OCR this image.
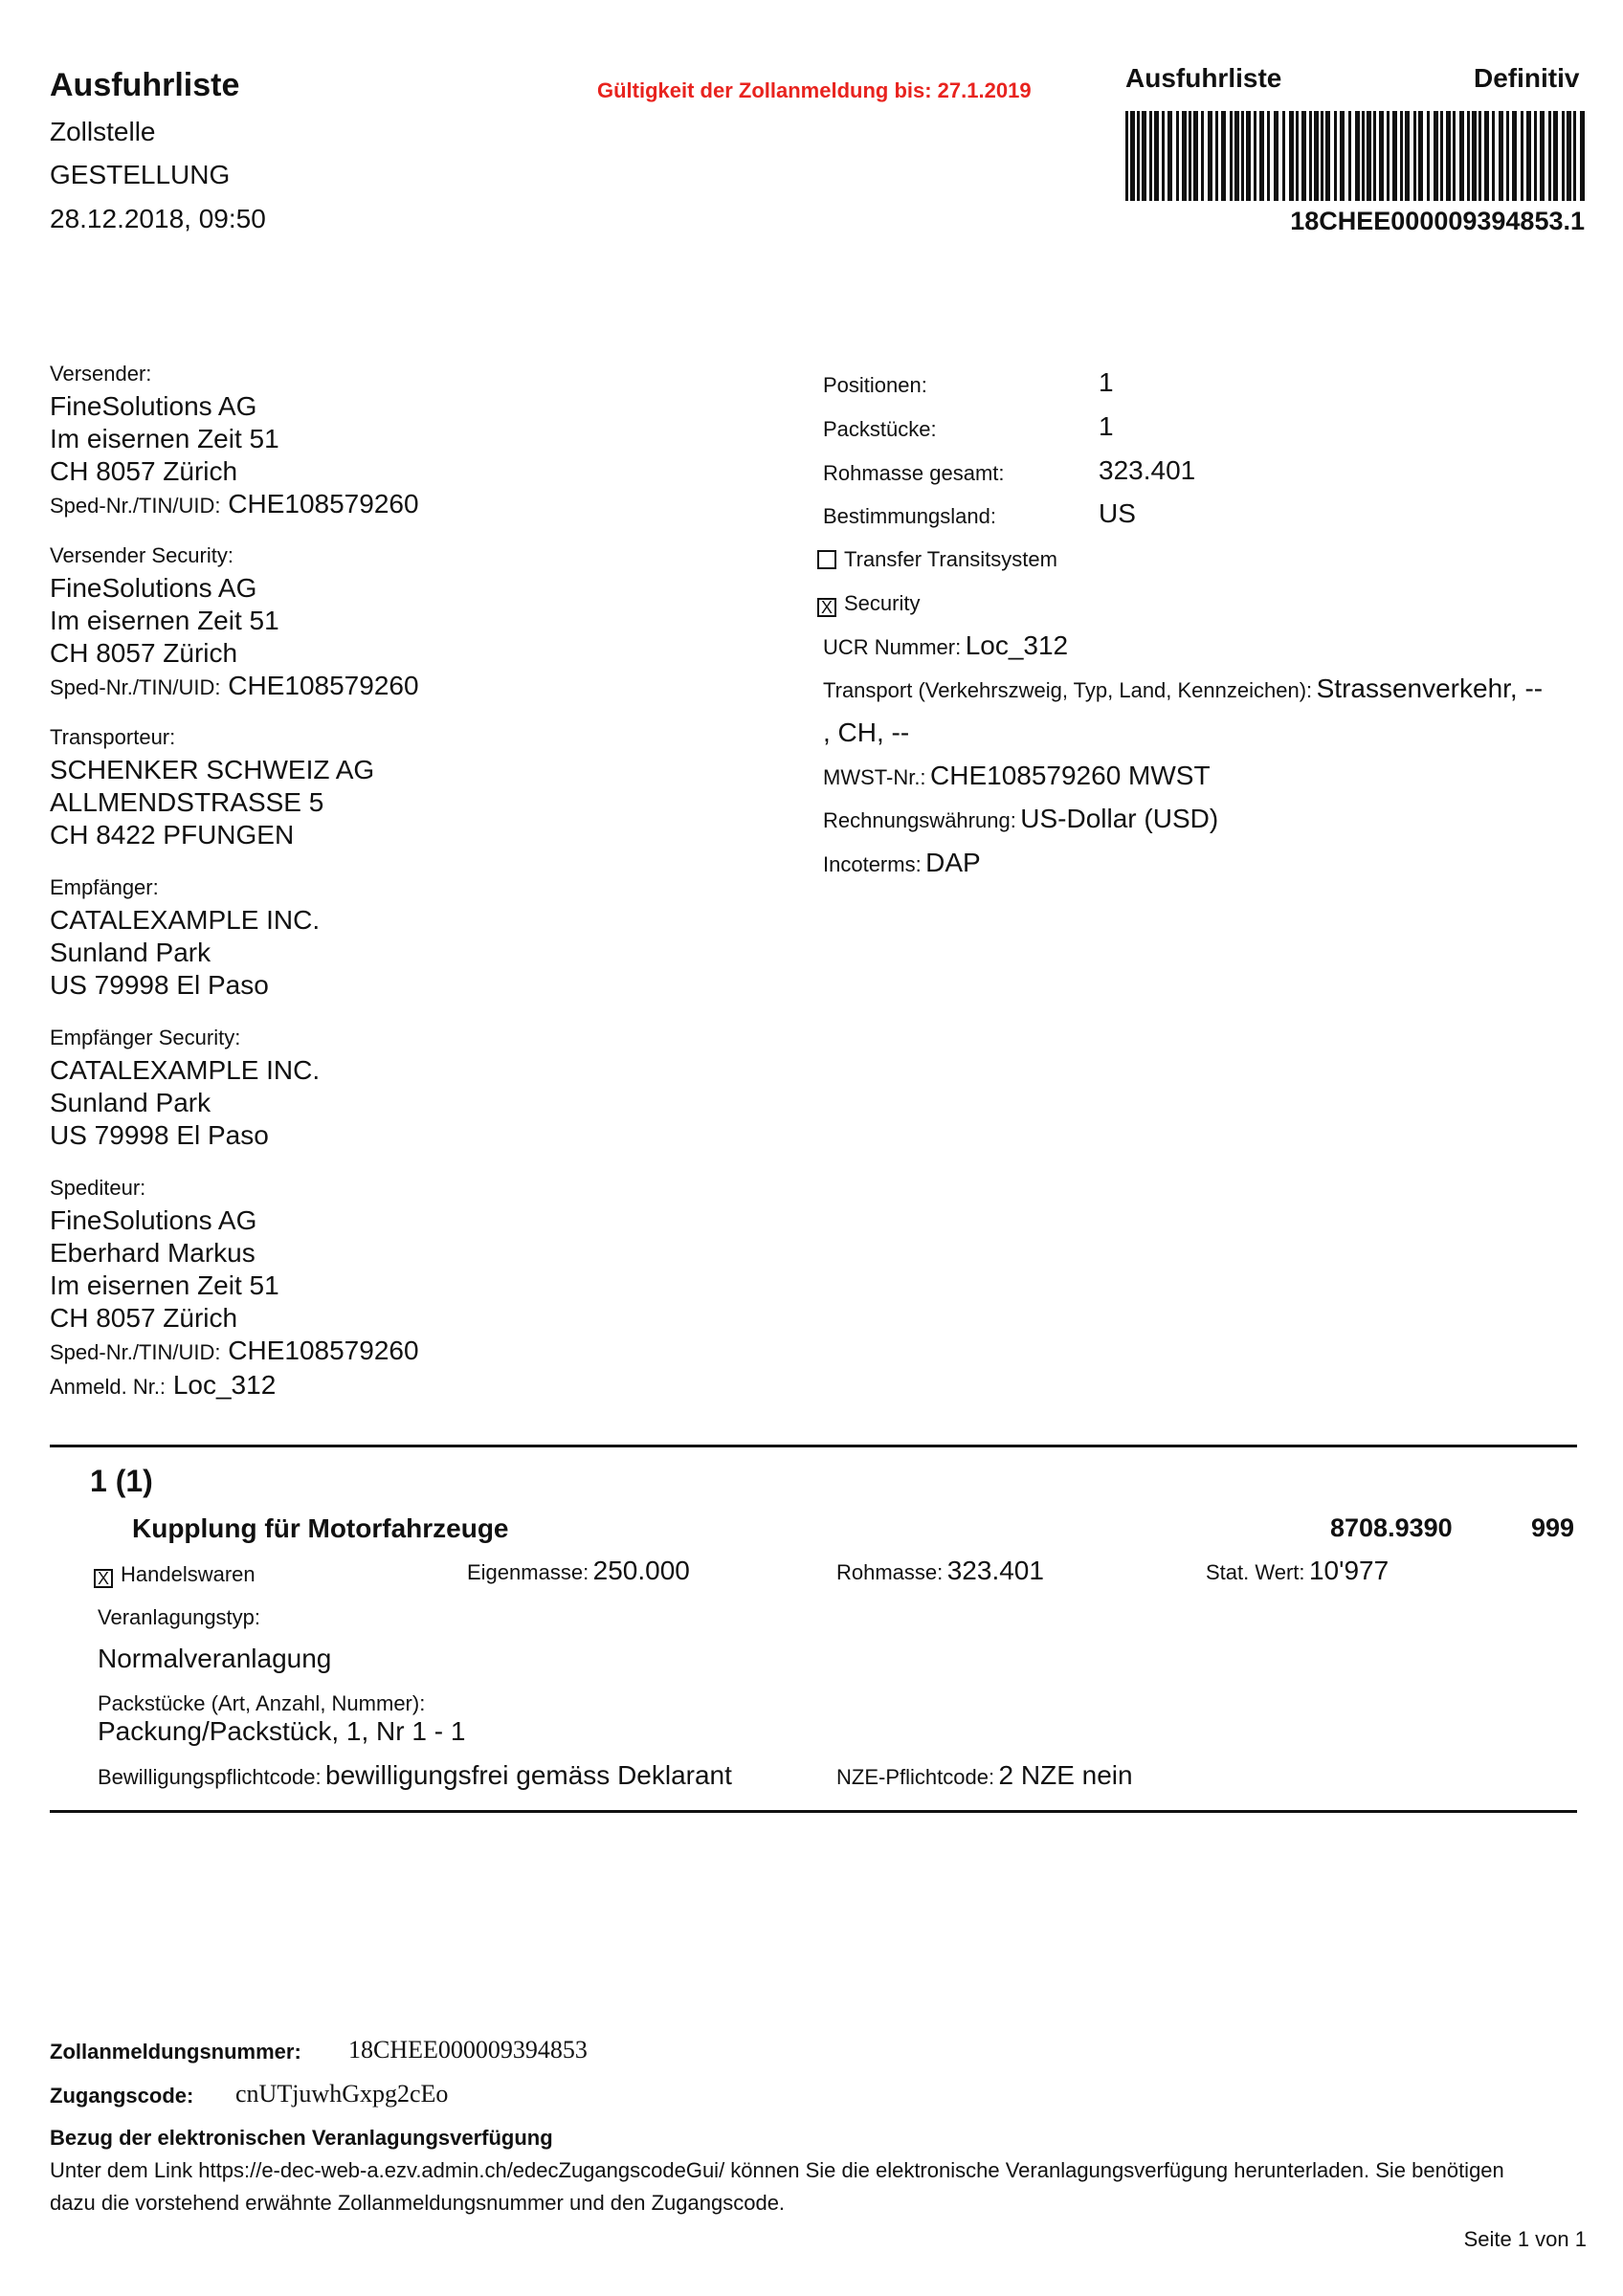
Ausfuhrliste
Zollstelle
GESTELLUNG
28.12.2018, 09:50
Gültigkeit der Zollanmeldung bis: 27.1.2019	Ausfuhrliste	Definitiv
18CHEE000009394853.1
Versender:
FineSolutions AG
Im eisernen Zeit 51
CH 8057 Zürich
Sped-Nr./TIN/UID: CHE108579260
Versender Security:
FineSolutions AG
Im eisernen Zeit 51
CH 8057 Zürich
Sped-Nr./TIN/UID: CHE108579260
Transporteur:
SCHENKER SCHWEIZ AG
ALLMENDSTRASSE 5
CH 8422 PFUNGEN
Empfänger:
CATALEXAMPLE INC.
Sunland Park
US 79998 El Paso
Empfänger Security:
CATALEXAMPLE INC.
Sunland Park
US 79998 El Paso
Spediteur:
FineSolutions AG
Eberhard Markus
Im eisernen Zeit 51
CH 8057 Zürich
Sped-Nr./TIN/UID: CHE108579260
Anmeld. Nr.: Loc_312
Positionen:	1
Packstücke:	1
Rohmasse gesamt:	323.401
Bestimmungsland:	US
Transfer Transitsystem
X Security
UCR Nummer: Loc_312
Transport (Verkehrszweig, Typ, Land, Kennzeichen): Strassenverkehr, --
, CH, --
MWST-Nr.: CHE108579260 MWST
Rechnungswährung: US-Dollar (USD)
Incoterms: DAP
1 (1)
Kupplung für Motorfahrzeuge	8708.9390	999
X Handelswaren	Eigenmasse: 250.000	Rohmasse: 323.401	Stat. Wert: 10'977
Veranlagungstyp:
Normalveranlagung
Packstücke (Art, Anzahl, Nummer):
Packung/Packstück, 1, Nr 1 - 1
Bewilligungspflichtcode: bewilligungsfrei gemäss Deklarant	NZE-Pflichtcode: 2 NZE nein
Zollanmeldungsnummer: 18CHEE000009394853
Zugangscode: cnUTjuwhGxpg2cEo
Bezug der elektronischen Veranlagungsverfügung
Unter dem Link https://e-dec-web-a.ezv.admin.ch/edecZugangscodeGui/ können Sie die elektronische Veranlagungsverfügung herunterladen. Sie benötigen
dazu die vorstehend erwähnte Zollanmeldungsnummer und den Zugangscode.
Seite 1 von 1
